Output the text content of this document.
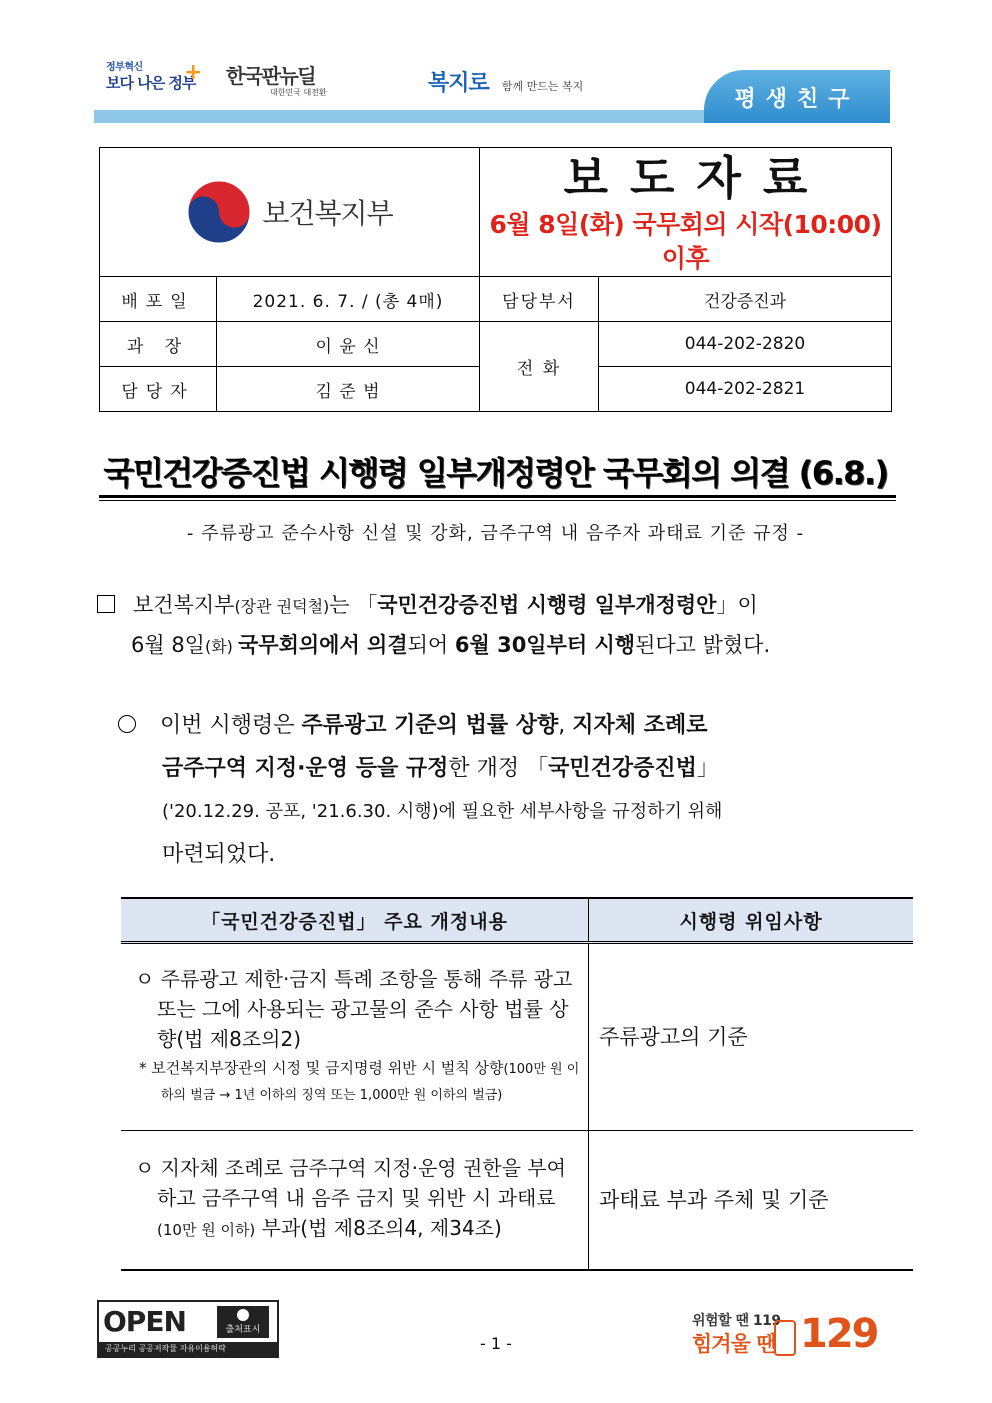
정부혁신
보다 나은 정부
+ 한국판뉴딜
대한민국 대전환	복지로 함께 만드는 복지
평생친구
보건복지부		보도자료
6월 8일(화) 국무회의 시작(10:00) 이후	

배포일	2021. 6. 7. / (총 4매)	담당부서	건강증진과
과 장	이 윤 신	전 화	044-202-2820
담당자	김 준 범		044-202-2821
국민건강증진법 시행령 일부개정령안 국무회의 의결 (6.8.)
- 주류광고 준수사항 신설 및 강화, 금주구역 내 음주자 과태료 기준 규정 -
보건복지부(장관 권덕철)는 「국민건강증진법 시행령 일부개정령안」이
6월 8일(화) 국무회의에서 의결되어 6월 30일부터 시행된다고 밝혔다.
이번 시행령은 주류광고 기준의 법률 상향, 지자체 조례로
금주구역 지정·운영 등을 규정한 개정 「국민건강증진법」
('20.12.29. 공포, '21.6.30. 시행)에 필요한 세부사항을 규정하기 위해
마련되었다.
「국민건강증진법」 주요 개정내용	시행령 위임사항

ㅇ 주류광고 제한·금지 특례 조항을 통해 주류 광고 또는 그에 사용되는 광고물의 준수 사항 법률 상향(법 제8조의2)
* 보건복지부장관의 시정 및 금지명령 위반 시 벌칙 상향(100만 원 이하의 벌금 → 1년 이하의 징역 또는 1,000만 원 이하의 벌금)	주류광고의 기준

ㅇ 지자체 조례로 금주구역 지정·운영 권한을 부여하고 금주구역 내 음주 금지 및 위반 시 과태료(10만 원 이하) 부과(법 제8조의4, 제34조)	과태료 부과 주체 및 기준
OPEN	출처표시
공공누리 공공저작물 자유이용허락	- 1 -
위험할 땐 119
힘겨울 땐 129
